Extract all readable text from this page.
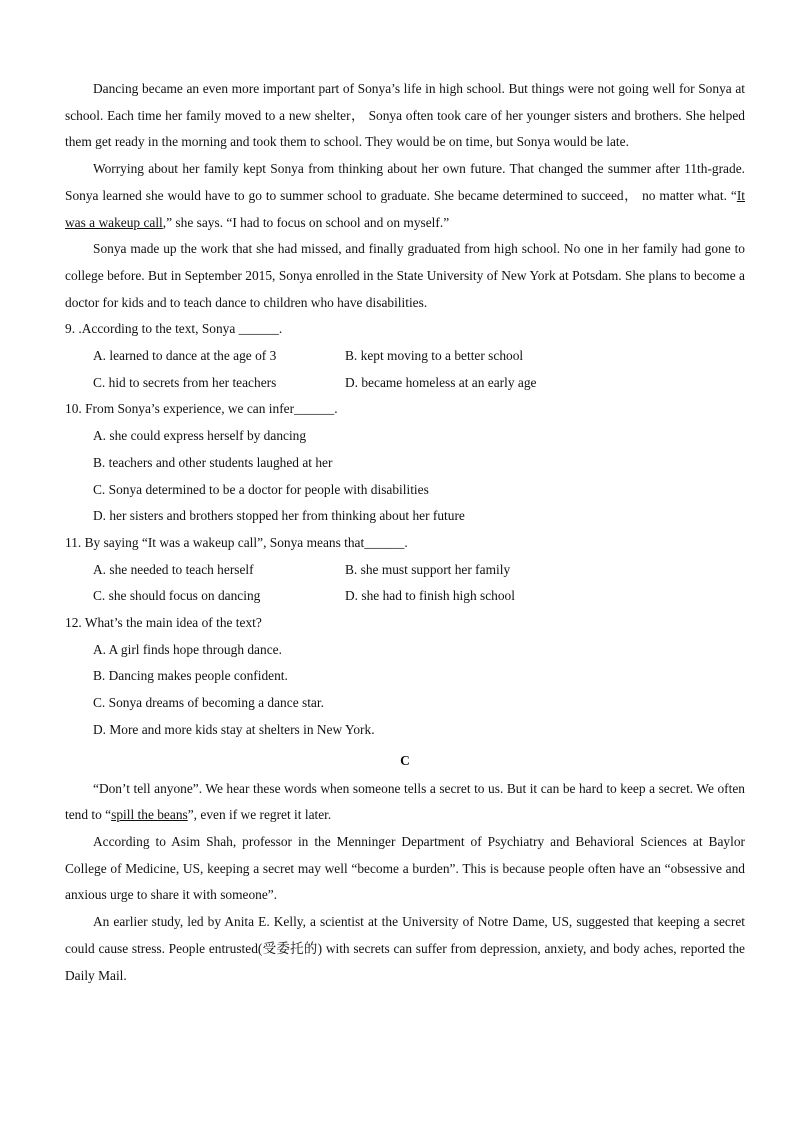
Dancing became an even more important part of Sonya’s life in high school. But things were not going well for Sonya at school. Each time her family moved to a new shelter， Sonya often took care of her younger sisters and brothers. She helped them get ready in the morning and took them to school. They would be on time, but Sonya would be late.

Worrying about her family kept Sonya from thinking about her own future. That changed the summer after 11th-grade. Sonya learned she would have to go to summer school to graduate. She became determined to succeed， no matter what. “It was a wakeup call,” she says. “I had to focus on school and on myself.”

Sonya made up the work that she had missed, and finally graduated from high school. No one in her family had gone to college before. But in September 2015, Sonya enrolled in the State University of New York at Potsdam. She plans to become a doctor for kids and to teach dance to children who have disabilities.

9. .According to the text, Sonya ______.

A. learned to dance at the age of 3	B. kept moving to a better school
C. hid to secrets from her teachers	D. became homeless at an early age

10. From Sonya’s experience, we can infer______.

A. she could express herself by dancing

B. teachers and other students laughed at her

C. Sonya determined to be a doctor for people with disabilities

D. her sisters and brothers stopped her from thinking about her future

11. By saying “It was a wakeup call”, Sonya means that______.

A. she needed to teach herself	B. she must support her family
C. she should focus on dancing	D. she had to finish high school

12. What’s the main idea of the text?

A. A girl finds hope through dance.

B. Dancing makes people confident.

C. Sonya dreams of becoming a dance star.

D. More and more kids stay at shelters in New York.

C

“Don’t tell anyone”. We hear these words when someone tells a secret to us. But it can be hard to keep a secret. We often tend to “spill the beans”, even if we regret it later.

According to Asim Shah, professor in the Menninger Department of Psychiatry and Behavioral Sciences at Baylor College of Medicine, US, keeping a secret may well “become a burden”. This is because people often have an “obsessive and anxious urge to share it with someone”.

An earlier study, led by Anita E. Kelly, a scientist at the University of Notre Dame, US, suggested that keeping a secret could cause stress. People entrusted(受委托的) with secrets can suffer from depression, anxiety, and body aches, reported the Daily Mail.
